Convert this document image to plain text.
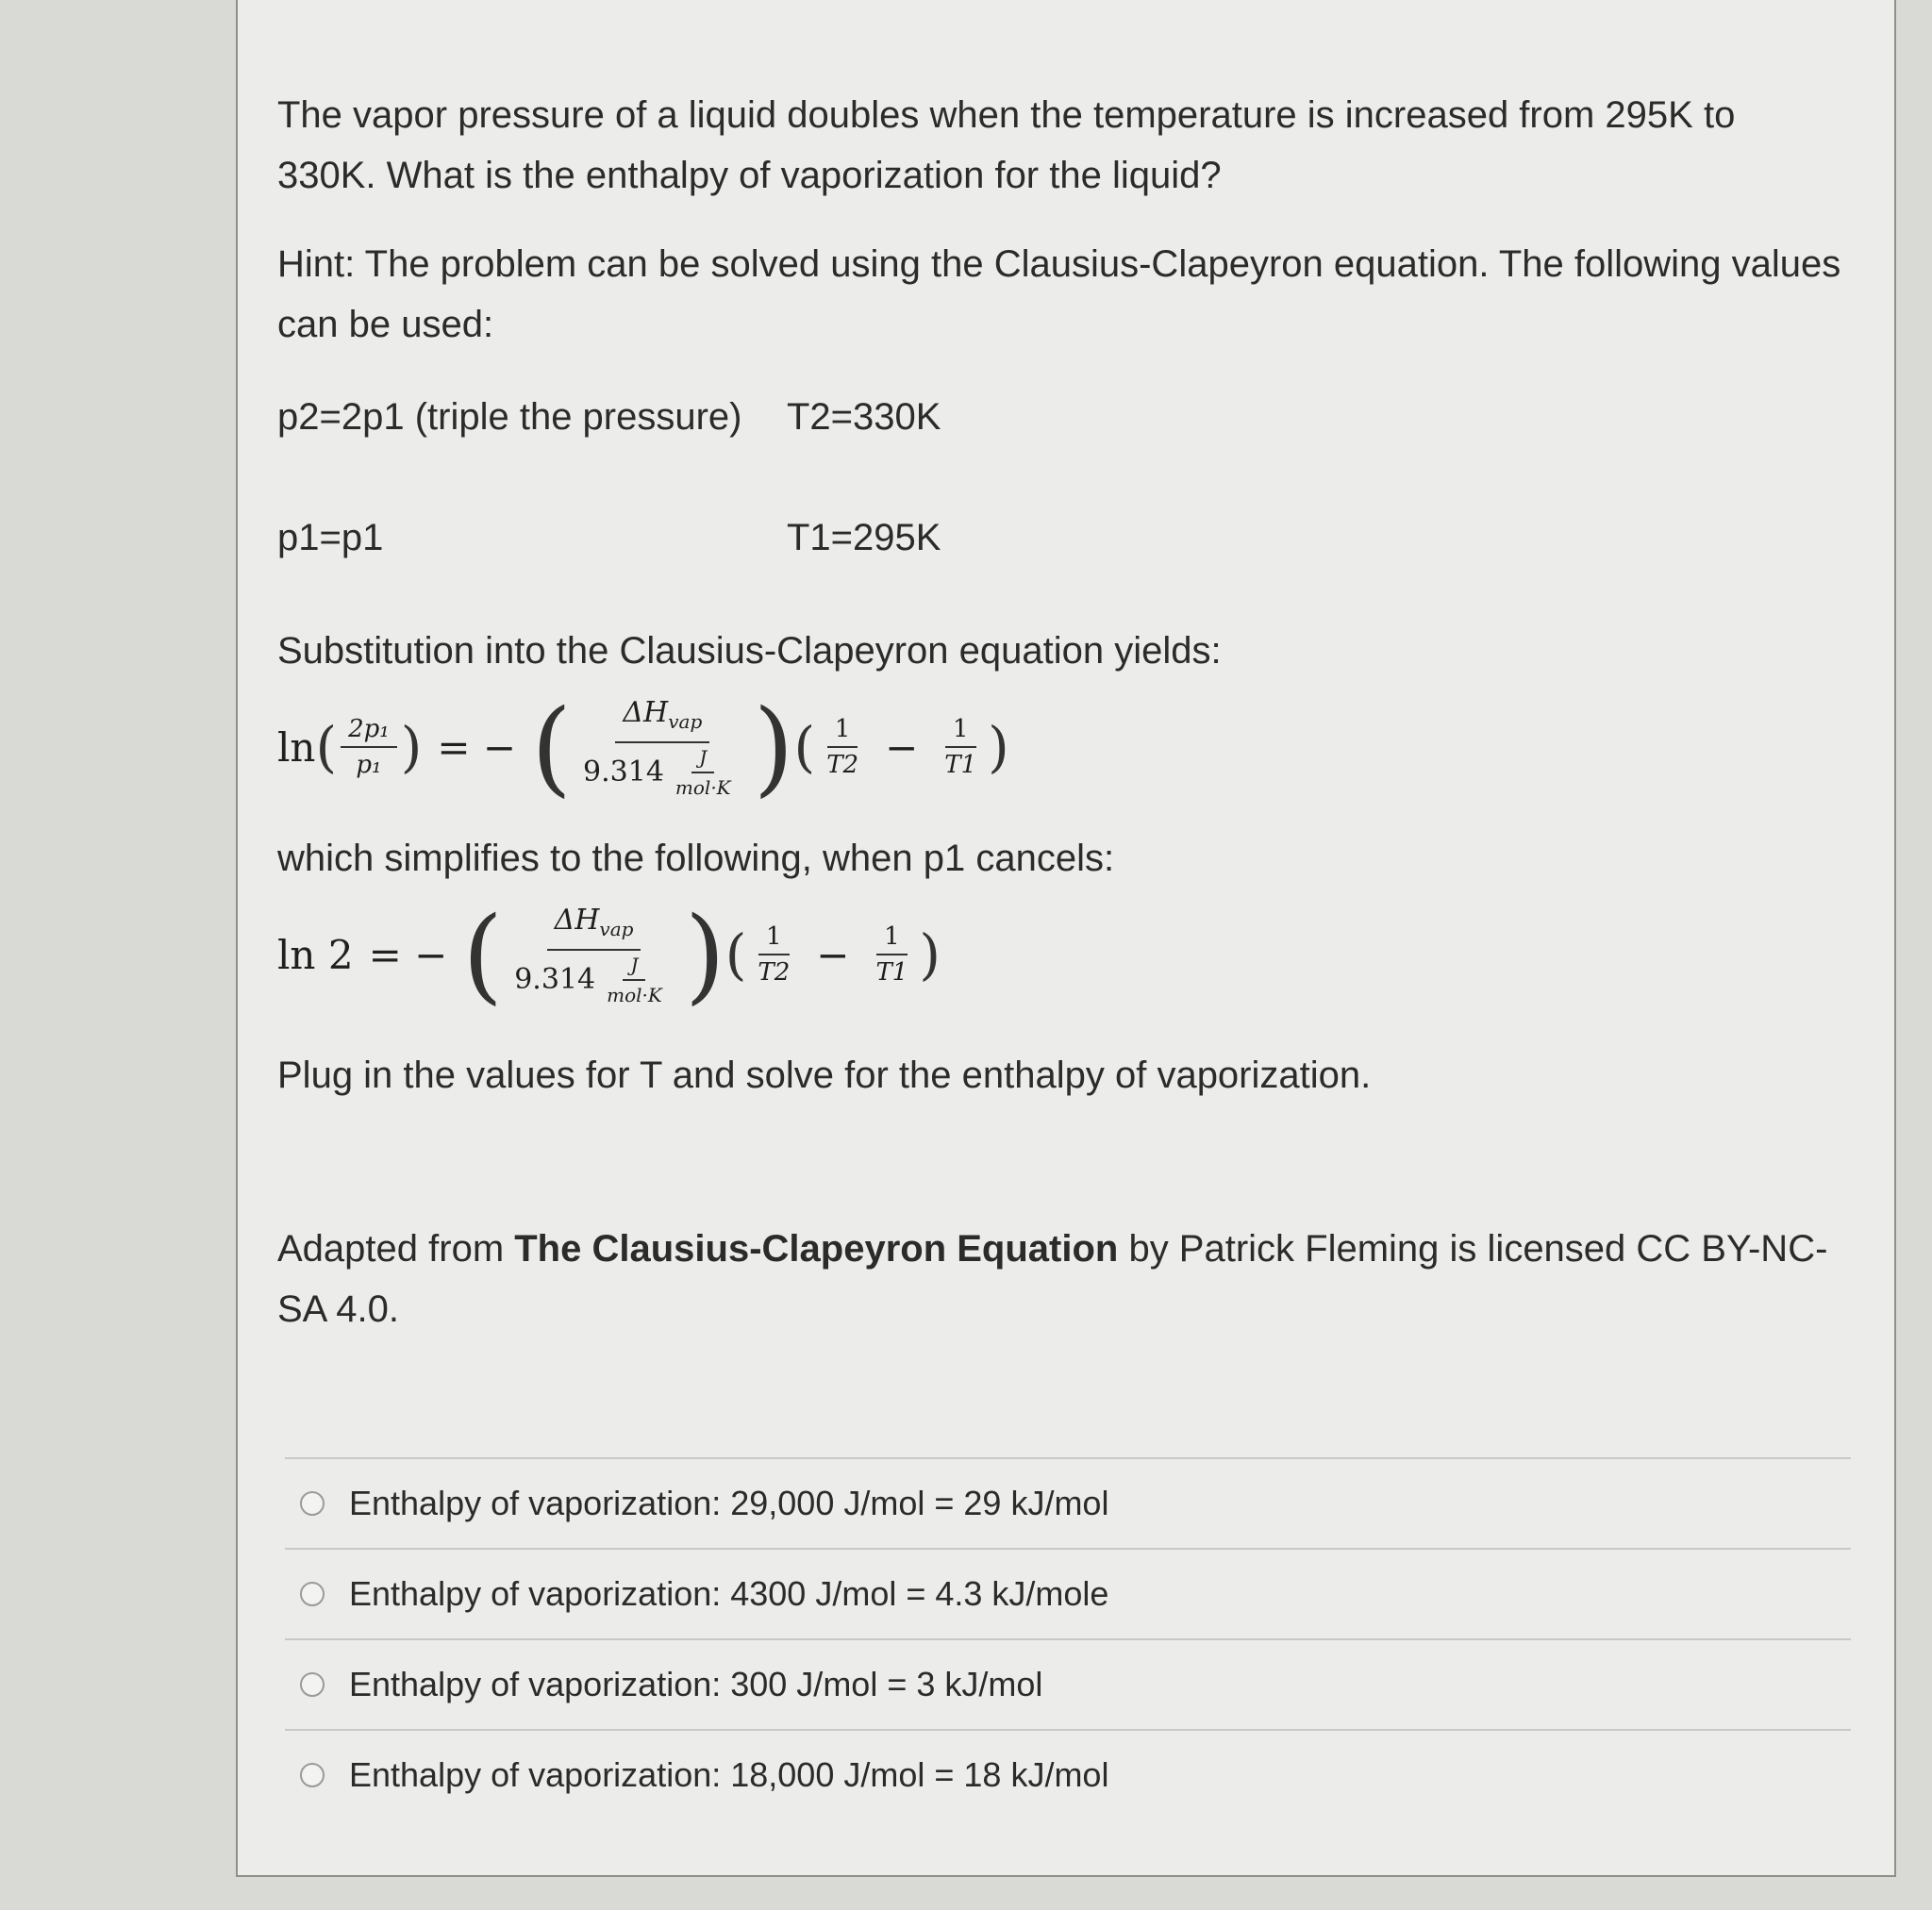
The vapor pressure of a liquid doubles when the temperature is increased from 295K to 330K. What is the enthalpy of vaporization for the liquid?

Hint: The problem can be solved using the Clausius-Clapeyron equation. The following values can be used:

p2=2p1 (triple the pressure) T2=330K
p1=p1	T1=295K

Substitution into the Clausius-Clapeyron equation yields:

ln ( $\frac{\text{2p₁}}{\text{p₁}}$ ) = − ( $\frac{\Delta H_{vap}}{9.314 \frac{J}{\text{mol·K}}}$ ) ( $\frac{1}{T2} - \frac{1}{T1}$ )

which simplifies to the following, when p1 cancels:

ln 2 = − ( $\frac{\Delta H_{vap}}{9.314 \frac{J}{\text{mol·K}}}$ ) ( $\frac{1}{T2} - \frac{1}{T1}$ )

Plug in the values for T and solve for the enthalpy of vaporization.

Adapted from The Clausius-Clapeyron Equation by Patrick Fleming is licensed CC BY-NC-SA 4.0.

Enthalpy of vaporization: 29,000 J/mol = 29 kJ/mol
Enthalpy of vaporization: 4300 J/mol = 4.3 kJ/mole
Enthalpy of vaporization: 300 J/mol = 3 kJ/mol
Enthalpy of vaporization: 18,000 J/mol = 18 kJ/mol
